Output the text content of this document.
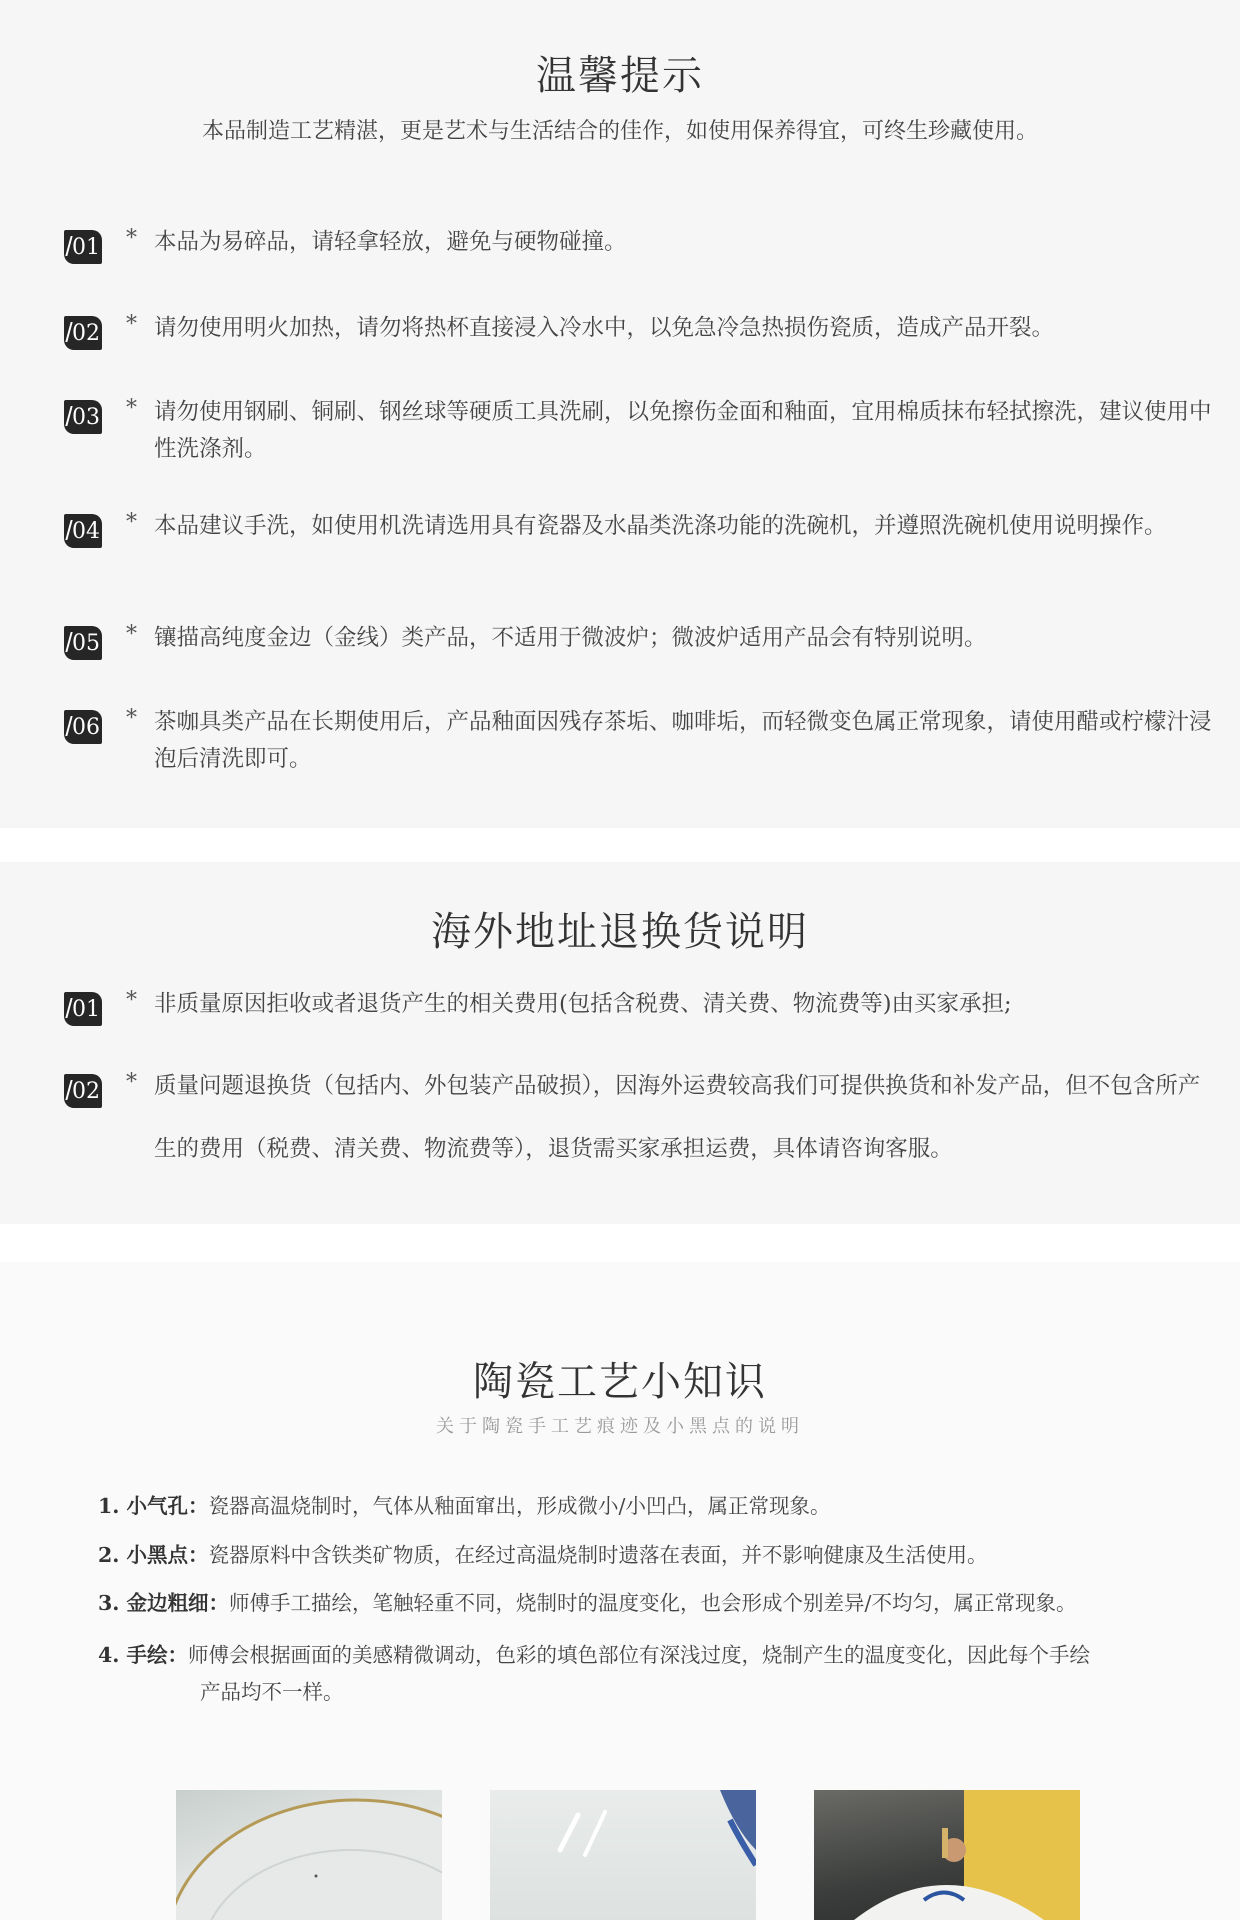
温馨提示
本品制造工艺精湛，更是艺术与生活结合的佳作，如使用保养得宜，可终生珍藏使用。
01 * 本品为易碎品，请轻拿轻放，避免与硬物碰撞。
02 * 请勿使用明火加热，请勿将热杯直接浸入冷水中，以免急冷急热损伤瓷质，造成产品开裂。
03 * 请勿使用钢刷、铜刷、钢丝球等硬质工具洗刷，以免擦伤金面和釉面，宜用棉质抹布轻拭擦洗，建议使用中性洗涤剂。
04 * 本品建议手洗，如使用机洗请选用具有瓷器及水晶类洗涤功能的洗碗机，并遵照洗碗机使用说明操作。
05 * 镶描高纯度金边（金线）类产品，不适用于微波炉；微波炉适用产品会有特别说明。
06 * 茶咖具类产品在长期使用后，产品釉面因残存茶垢、咖啡垢，而轻微变色属正常现象，请使用醋或柠檬汁浸泡后清洗即可。
海外地址退换货说明
01 * 非质量原因拒收或者退货产生的相关费用(包括含税费、清关费、物流费等)由买家承担;
02 * 质量问题退换货（包括内、外包装产品破损），因海外运费较高我们可提供换货和补发产品，但不包含所产生的费用（税费、清关费、物流费等），退货需买家承担运费，具体请咨询客服。
陶瓷工艺小知识
关于陶瓷手工艺痕迹及小黑点的说明
1. 小气孔：瓷器高温烧制时，气体从釉面窜出，形成微小/小凹凸，属正常现象。
2. 小黑点：瓷器原料中含铁类矿物质，在经过高温烧制时遗落在表面，并不影响健康及生活使用。
3. 金边粗细：师傅手工描绘，笔触轻重不同，烧制时的温度变化，也会形成个别差异/不均匀，属正常现象。
4. 手绘：师傅会根据画面的美感精微调动，色彩的填色部位有深浅过度，烧制产生的温度变化，因此每个手绘
产品均不一样。
